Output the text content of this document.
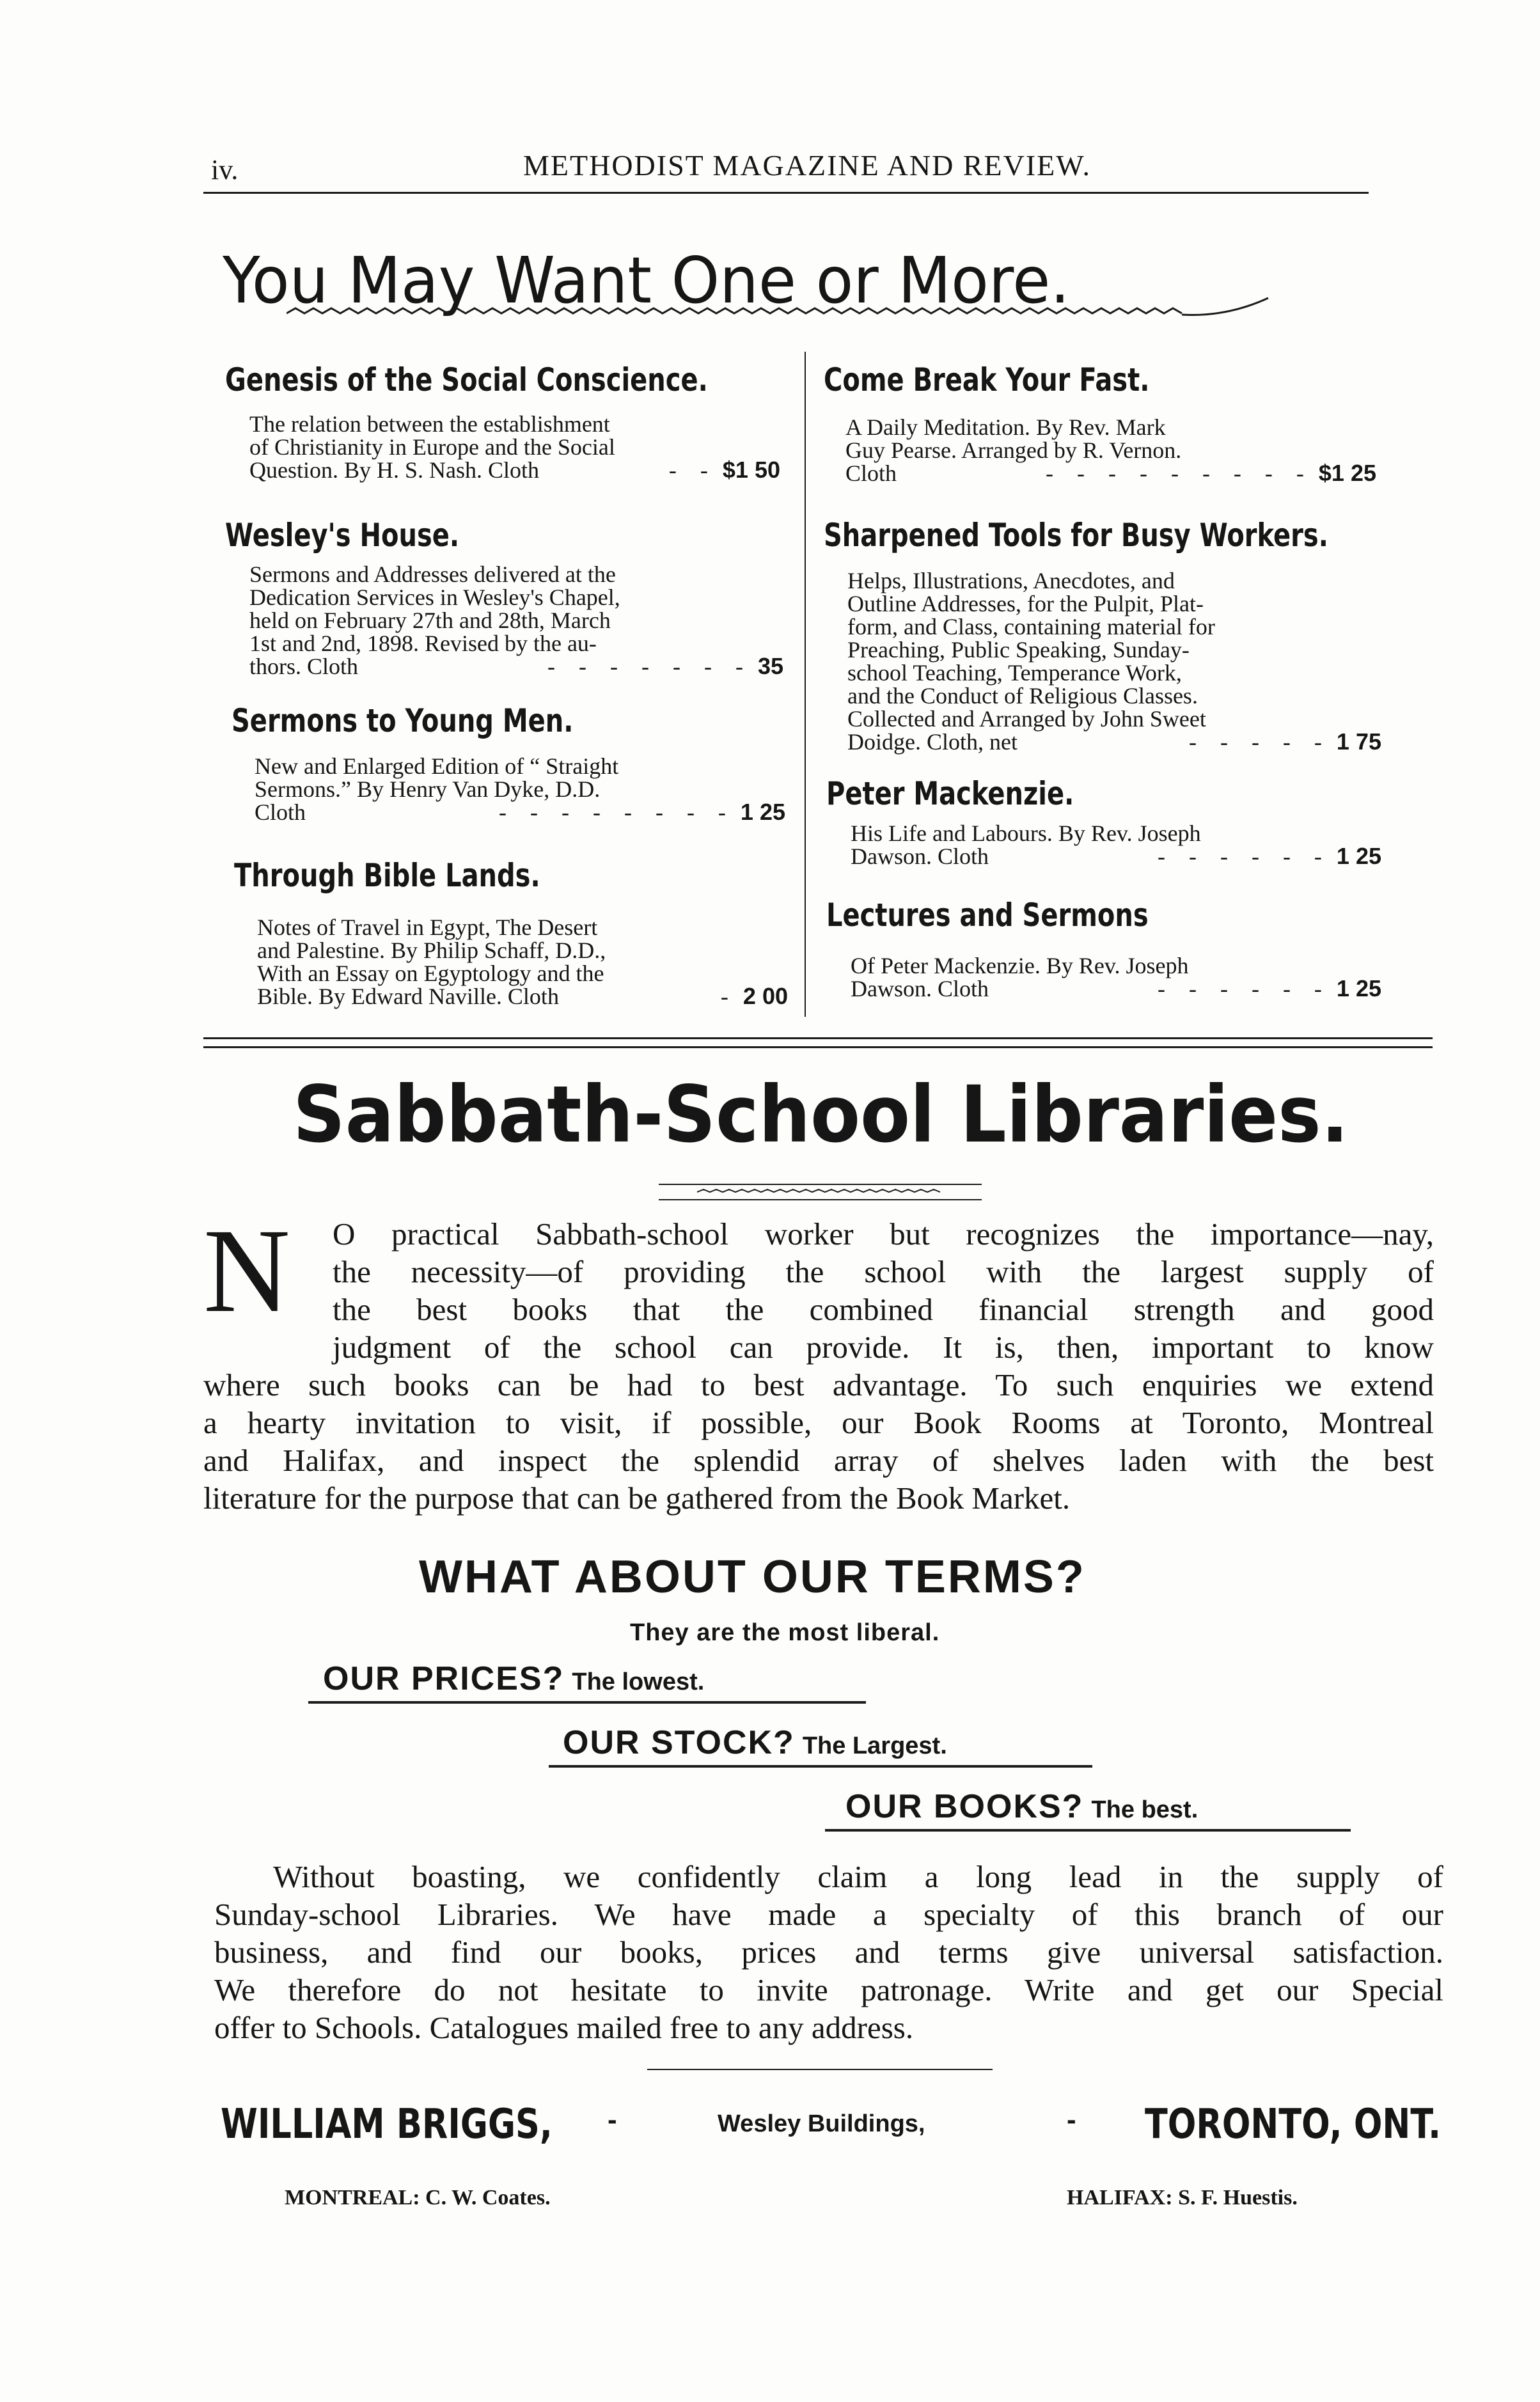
iv.	METHODIST MAGAZINE AND REVIEW.
You May Want One or More.
Genesis of the Social Conscience.
The relation between the establishment
of Christianity in Europe and the Social
Question. By H. S. Nash. Cloth	- - $1 50
Wesley's House.
Sermons and Addresses delivered at the
Dedication Services in Wesley's Chapel,
held on February 27th and 28th, March
1st and 2nd, 1898. Revised by the au-
thors. Cloth	- - - - - - - 35
Sermons to Young Men.
New and Enlarged Edition of “ Straight
Sermons.” By Henry Van Dyke, D.D.
Cloth	- - - - - - - - 1 25
Through Bible Lands.
Notes of Travel in Egypt, The Desert
and Palestine. By Philip Schaff, D.D.,
With an Essay on Egyptology and the
Bible. By Edward Naville. Cloth	- 2 00
Come Break Your Fast.
A Daily Meditation. By Rev. Mark
Guy Pearse. Arranged by R. Vernon.
Cloth	- - - - - - - - - $1 25
Sharpened Tools for Busy Workers.
Helps, Illustrations, Anecdotes, and
Outline Addresses, for the Pulpit, Plat-
form, and Class, containing material for
Preaching, Public Speaking, Sunday-
school Teaching, Temperance Work,
and the Conduct of Religious Classes.
Collected and Arranged by John Sweet
Doidge. Cloth, net	- - - - - 1 75
Peter Mackenzie.
His Life and Labours. By Rev. Joseph
Dawson. Cloth	- - - - - - 1 25
Lectures and Sermons
Of Peter Mackenzie. By Rev. Joseph
Dawson. Cloth	- - - - - - 1 25
Sabbath-School Libraries.
N O practical Sabbath-school worker but recognizes the importance—nay,
the necessity—of providing the school with the largest supply of
the best books that the combined financial strength and good
judgment of the school can provide. It is, then, important to know
where such books can be had to best advantage. To such enquiries we extend
a hearty invitation to visit, if possible, our Book Rooms at Toronto, Montreal
and Halifax, and inspect the splendid array of shelves laden with the best
literature for the purpose that can be gathered from the Book Market.
WHAT ABOUT OUR TERMS?
They are the most liberal.
OUR PRICES? The lowest.
OUR STOCK? The Largest.
OUR BOOKS? The best.
Without boasting, we confidently claim a long lead in the supply of
Sunday-school Libraries. We have made a specialty of this branch of our
business, and find our books, prices and terms give universal satisfaction.
We therefore do not hesitate to invite patronage. Write and get our Special
offer to Schools. Catalogues mailed free to any address.
WILLIAM BRIGGS, -	Wesley Buildings,	- TORONTO, ONT.
MONTREAL: C. W. Coates.	HALIFAX: S. F. Huestis.
